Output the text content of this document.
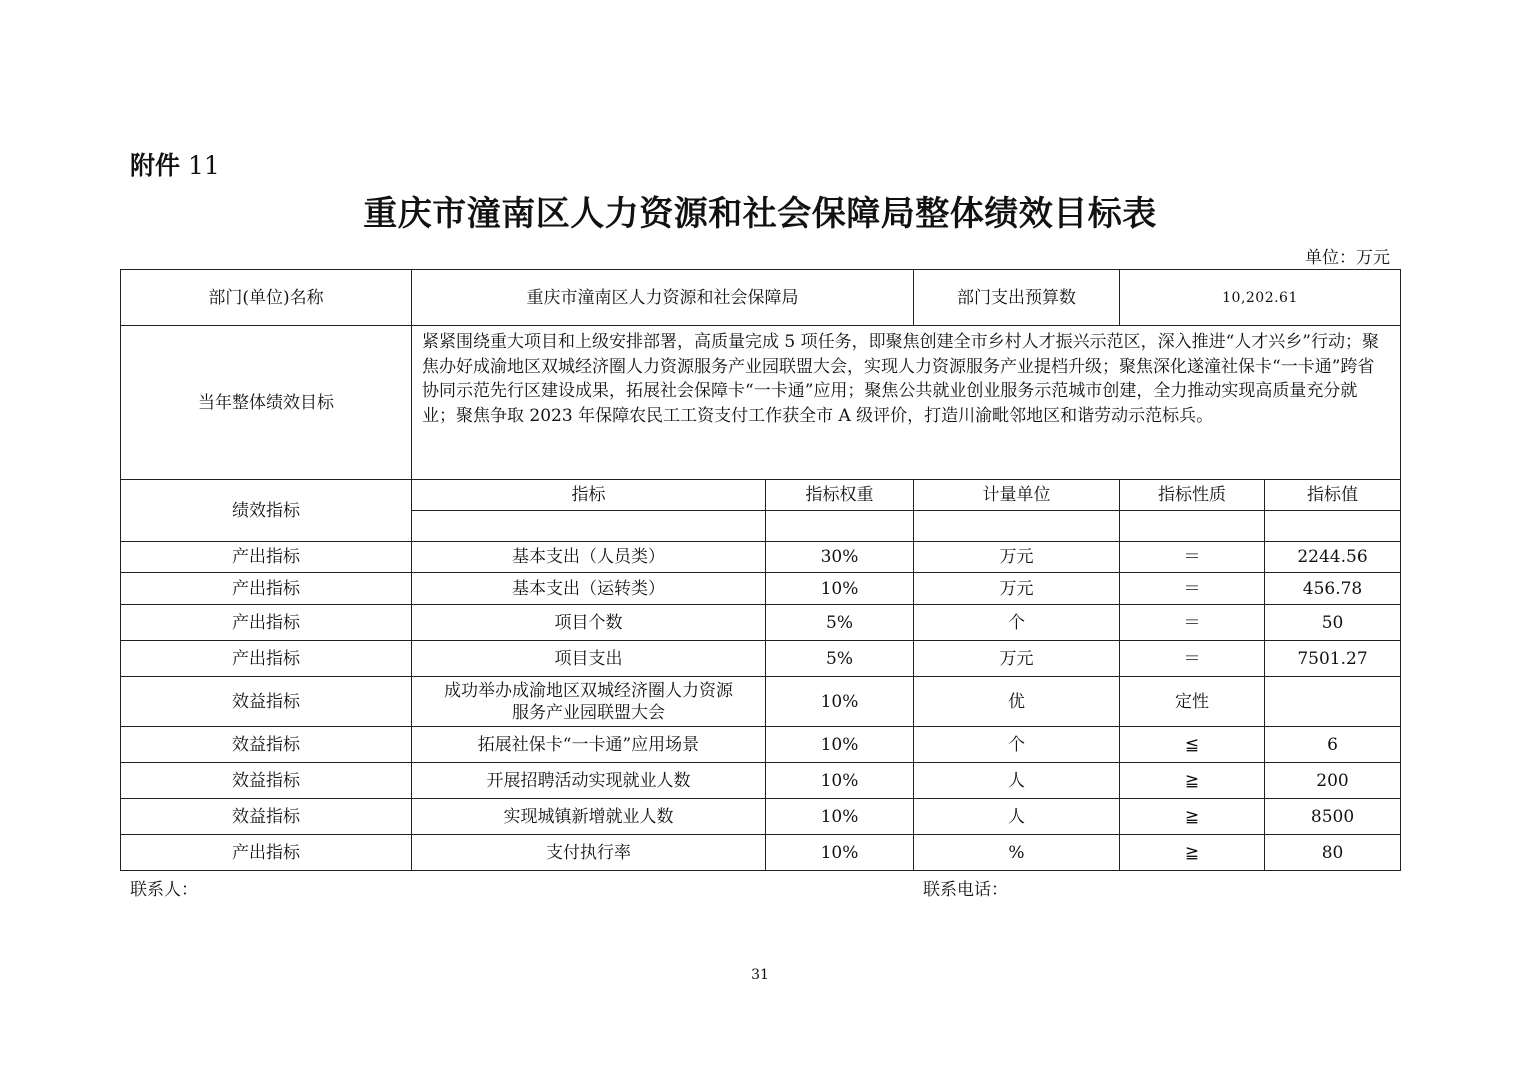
附件 11
重庆市潼南区人力资源和社会保障局整体绩效目标表
单位：万元
部门(单位)名称	重庆市潼南区人力资源和社会保障局		部门支出预算数	10,202.61	
当年整体绩效目标	紧紧围绕重大项目和上级安排部署，高质量完成 5 项任务，即聚焦创建全市乡村人才振兴示范区，深入推进“人才兴乡”行动；聚焦办好成渝地区双城经济圈人力资源服务产业园联盟大会，实现人力资源服务产业提档升级；聚焦深化遂潼社保卡“一卡通”跨省协同示范先行区建设成果，拓展社会保障卡“一卡通”应用；聚焦公共就业创业服务示范城市创建，全力推动实现高质量充分就业；聚焦争取 2023 年保障农民工工资支付工作获全市 A 级评价，打造川渝毗邻地区和谐劳动示范标兵。				
绩效指标	指标	指标权重	计量单位	指标性质	指标值

产出指标	基本支出（人员类）	30%	万元	＝	2244.56
产出指标	基本支出（运转类）	10%	万元	＝	456.78
产出指标	项目个数	5%	个	＝	50
产出指标	项目支出	5%	万元	＝	7501.27
效益指标	成功举办成渝地区双城经济圈人力资源
服务产业园联盟大会	10%	优	定性	
效益指标	拓展社保卡“一卡通”应用场景	10%	个	≦	6
效益指标	开展招聘活动实现就业人数	10%	人	≧	200
效益指标	实现城镇新增就业人数	10%	人	≧	8500
产出指标	支付执行率	10%	%	≧	80
联系人：	联系电话：
31
